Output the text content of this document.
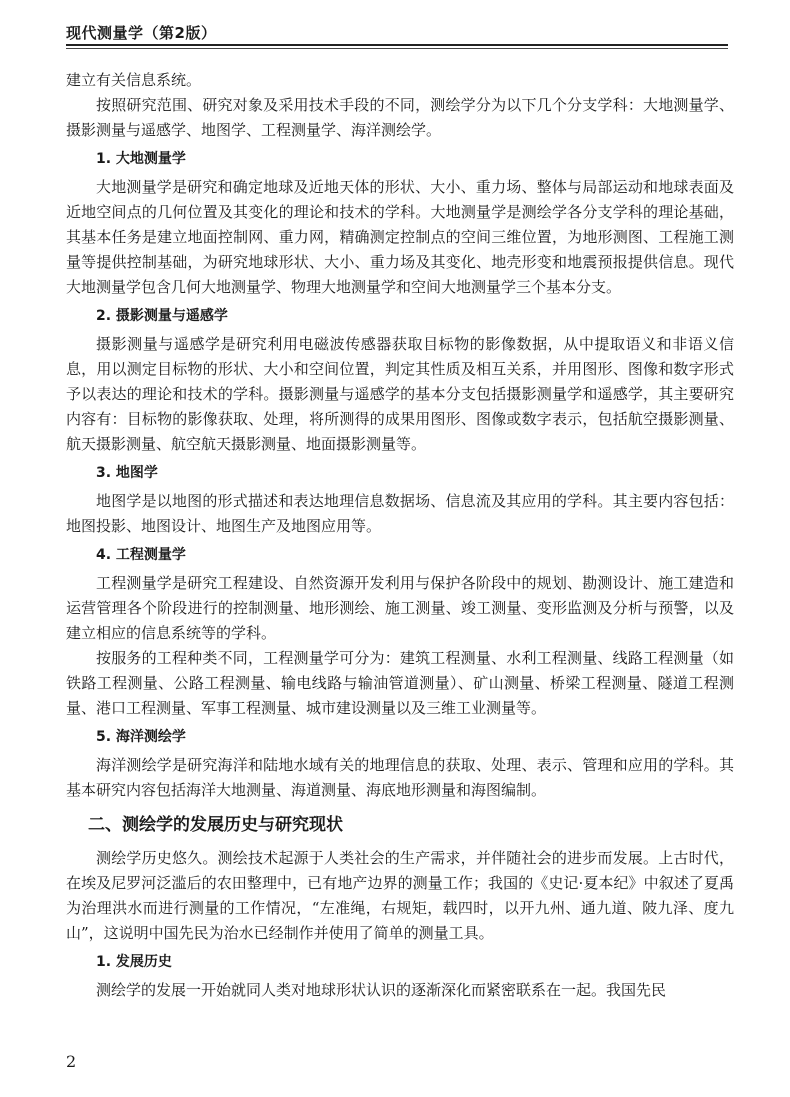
现代测量学（第2版）
建立有关信息系统。
按照研究范围、研究对象及采用技术手段的不同，测绘学分为以下几个分支学科：大地测量学、摄影测量与遥感学、地图学、工程测量学、海洋测绘学。
1. 大地测量学
大地测量学是研究和确定地球及近地天体的形状、大小、重力场、整体与局部运动和地球表面及近地空间点的几何位置及其变化的理论和技术的学科。大地测量学是测绘学各分支学科的理论基础，其基本任务是建立地面控制网、重力网，精确测定控制点的空间三维位置，为地形测图、工程施工测量等提供控制基础，为研究地球形状、大小、重力场及其变化、地壳形变和地震预报提供信息。现代大地测量学包含几何大地测量学、物理大地测量学和空间大地测量学三个基本分支。
2. 摄影测量与遥感学
摄影测量与遥感学是研究利用电磁波传感器获取目标物的影像数据，从中提取语义和非语义信息，用以测定目标物的形状、大小和空间位置，判定其性质及相互关系，并用图形、图像和数字形式予以表达的理论和技术的学科。摄影测量与遥感学的基本分支包括摄影测量学和遥感学，其主要研究内容有：目标物的影像获取、处理，将所测得的成果用图形、图像或数字表示，包括航空摄影测量、航天摄影测量、航空航天摄影测量、地面摄影测量等。
3. 地图学
地图学是以地图的形式描述和表达地理信息数据场、信息流及其应用的学科。其主要内容包括：地图投影、地图设计、地图生产及地图应用等。
4. 工程测量学
工程测量学是研究工程建设、自然资源开发利用与保护各阶段中的规划、勘测设计、施工建造和运营管理各个阶段进行的控制测量、地形测绘、施工测量、竣工测量、变形监测及分析与预警，以及建立相应的信息系统等的学科。
按服务的工程种类不同，工程测量学可分为：建筑工程测量、水利工程测量、线路工程测量（如铁路工程测量、公路工程测量、输电线路与输油管道测量）、矿山测量、桥梁工程测量、隧道工程测量、港口工程测量、军事工程测量、城市建设测量以及三维工业测量等。
5. 海洋测绘学
海洋测绘学是研究海洋和陆地水域有关的地理信息的获取、处理、表示、管理和应用的学科。其基本研究内容包括海洋大地测量、海道测量、海底地形测量和海图编制。
二、测绘学的发展历史与研究现状
测绘学历史悠久。测绘技术起源于人类社会的生产需求，并伴随社会的进步而发展。上古时代，在埃及尼罗河泛滥后的农田整理中，已有地产边界的测量工作；我国的《史记·夏本纪》中叙述了夏禹为治理洪水而进行测量的工作情况，“左准绳，右规矩，载四时，以开九州、通九道、陂九泽、度九山”，这说明中国先民为治水已经制作并使用了简单的测量工具。
1. 发展历史
测绘学的发展一开始就同人类对地球形状认识的逐渐深化而紧密联系在一起。我国先民
2
